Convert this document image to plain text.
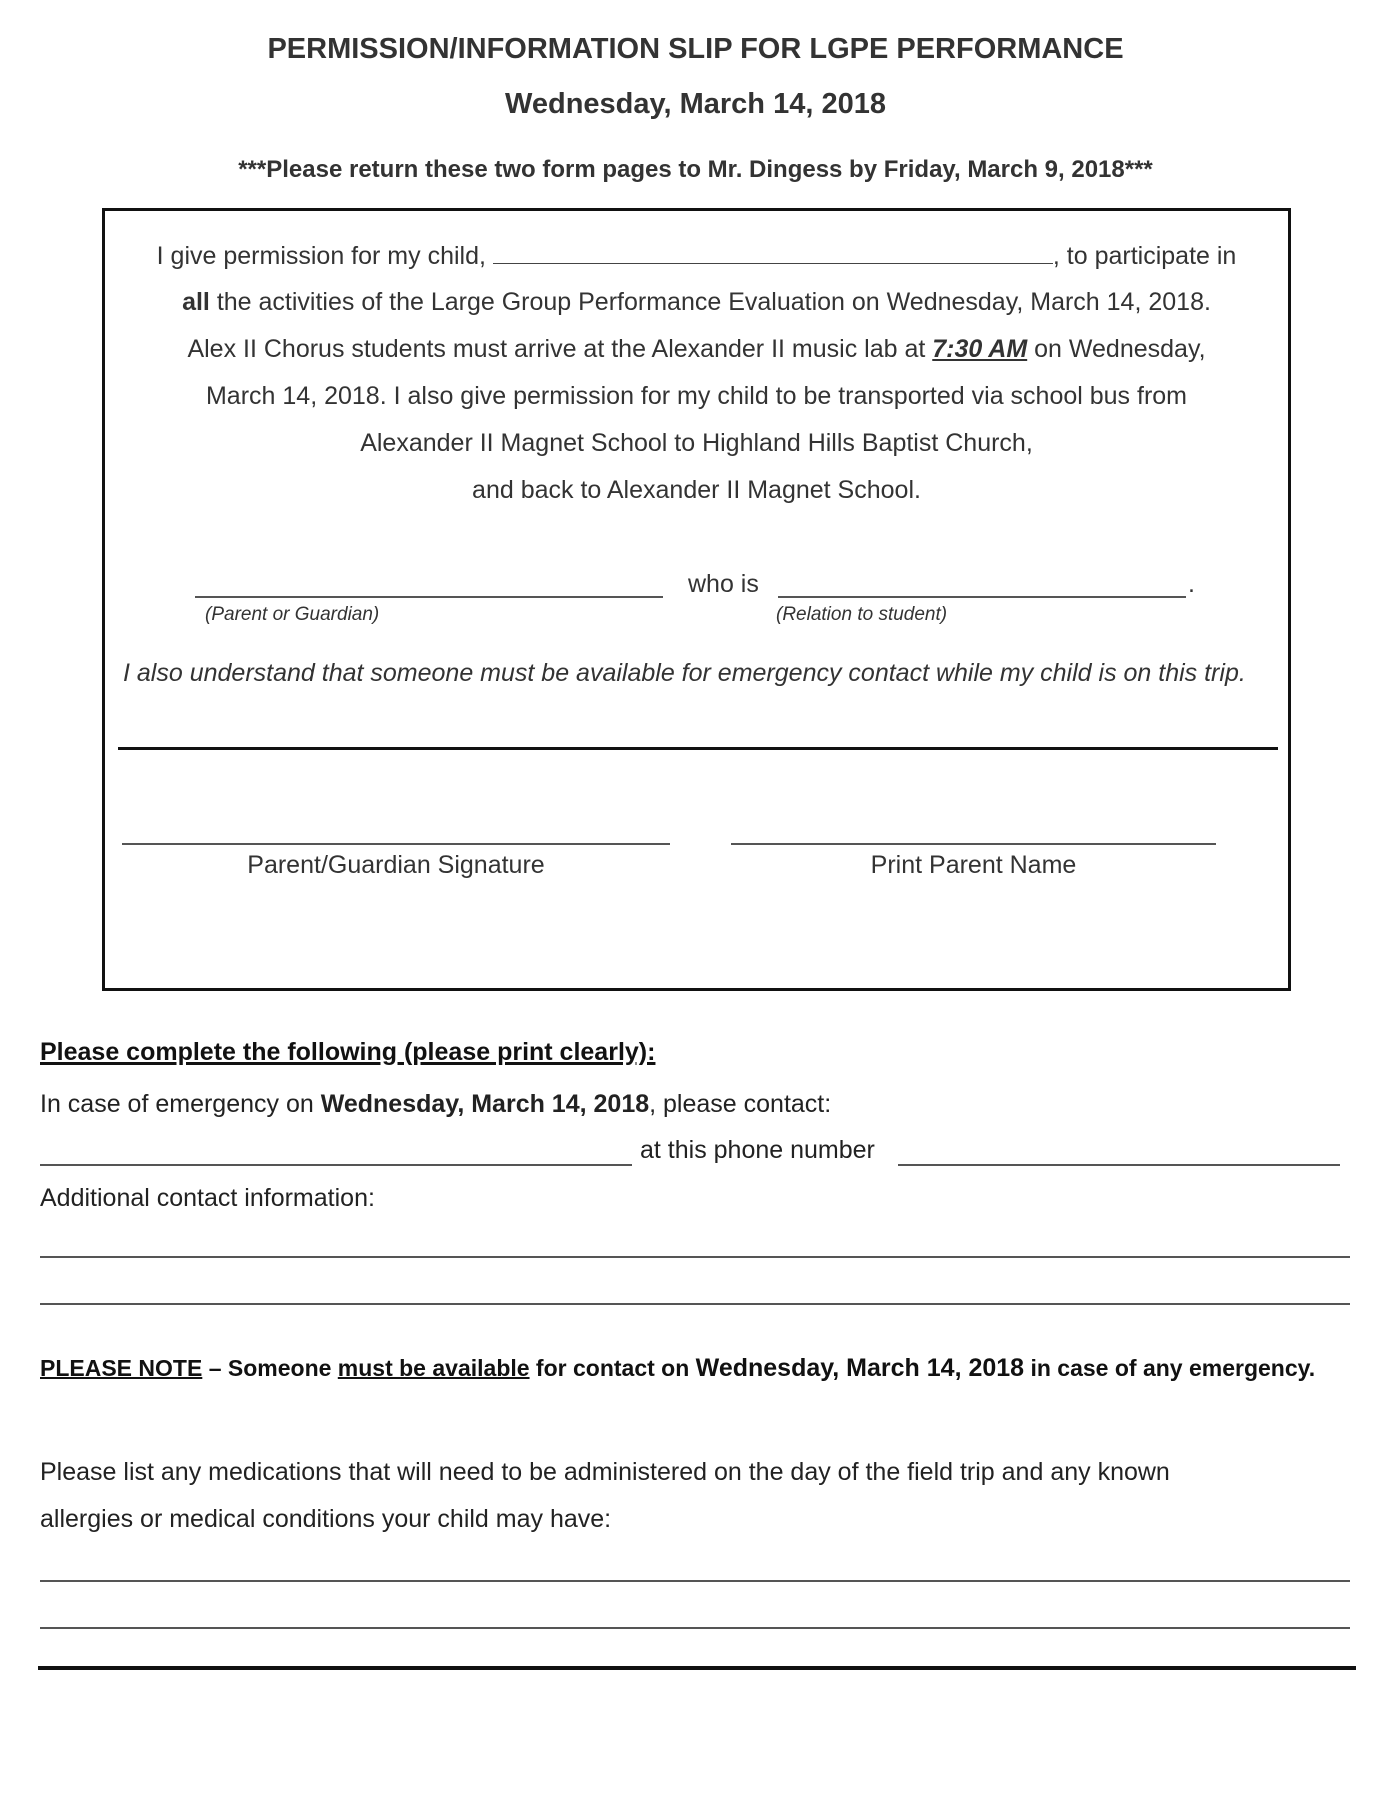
PERMISSION/INFORMATION SLIP FOR LGPE PERFORMANCE
Wednesday, March 14, 2018
***Please return these two form pages to Mr. Dingess by Friday, March 9, 2018***
I give permission for my child,	, to participate in
all the activities of the Large Group Performance Evaluation on Wednesday, March 14, 2018.
Alex II Chorus students must arrive at the Alexander II music lab at 7:30 AM on Wednesday,
March 14, 2018. I also give permission for my child to be transported via school bus from
Alexander II Magnet School to Highland Hills Baptist Church,
and back to Alexander II Magnet School.
who is	.
(Parent or Guardian)	(Relation to student)
I also understand that someone must be available for emergency contact while my child is on this trip.
Parent/Guardian Signature	Print Parent Name
Please complete the following (please print clearly):
In case of emergency on Wednesday, March 14, 2018, please contact:
at this phone number
Additional contact information:
PLEASE NOTE – Someone must be available for contact on Wednesday, March 14, 2018 in case of any emergency.
Please list any medications that will need to be administered on the day of the field trip and any known
allergies or medical conditions your child may have:
